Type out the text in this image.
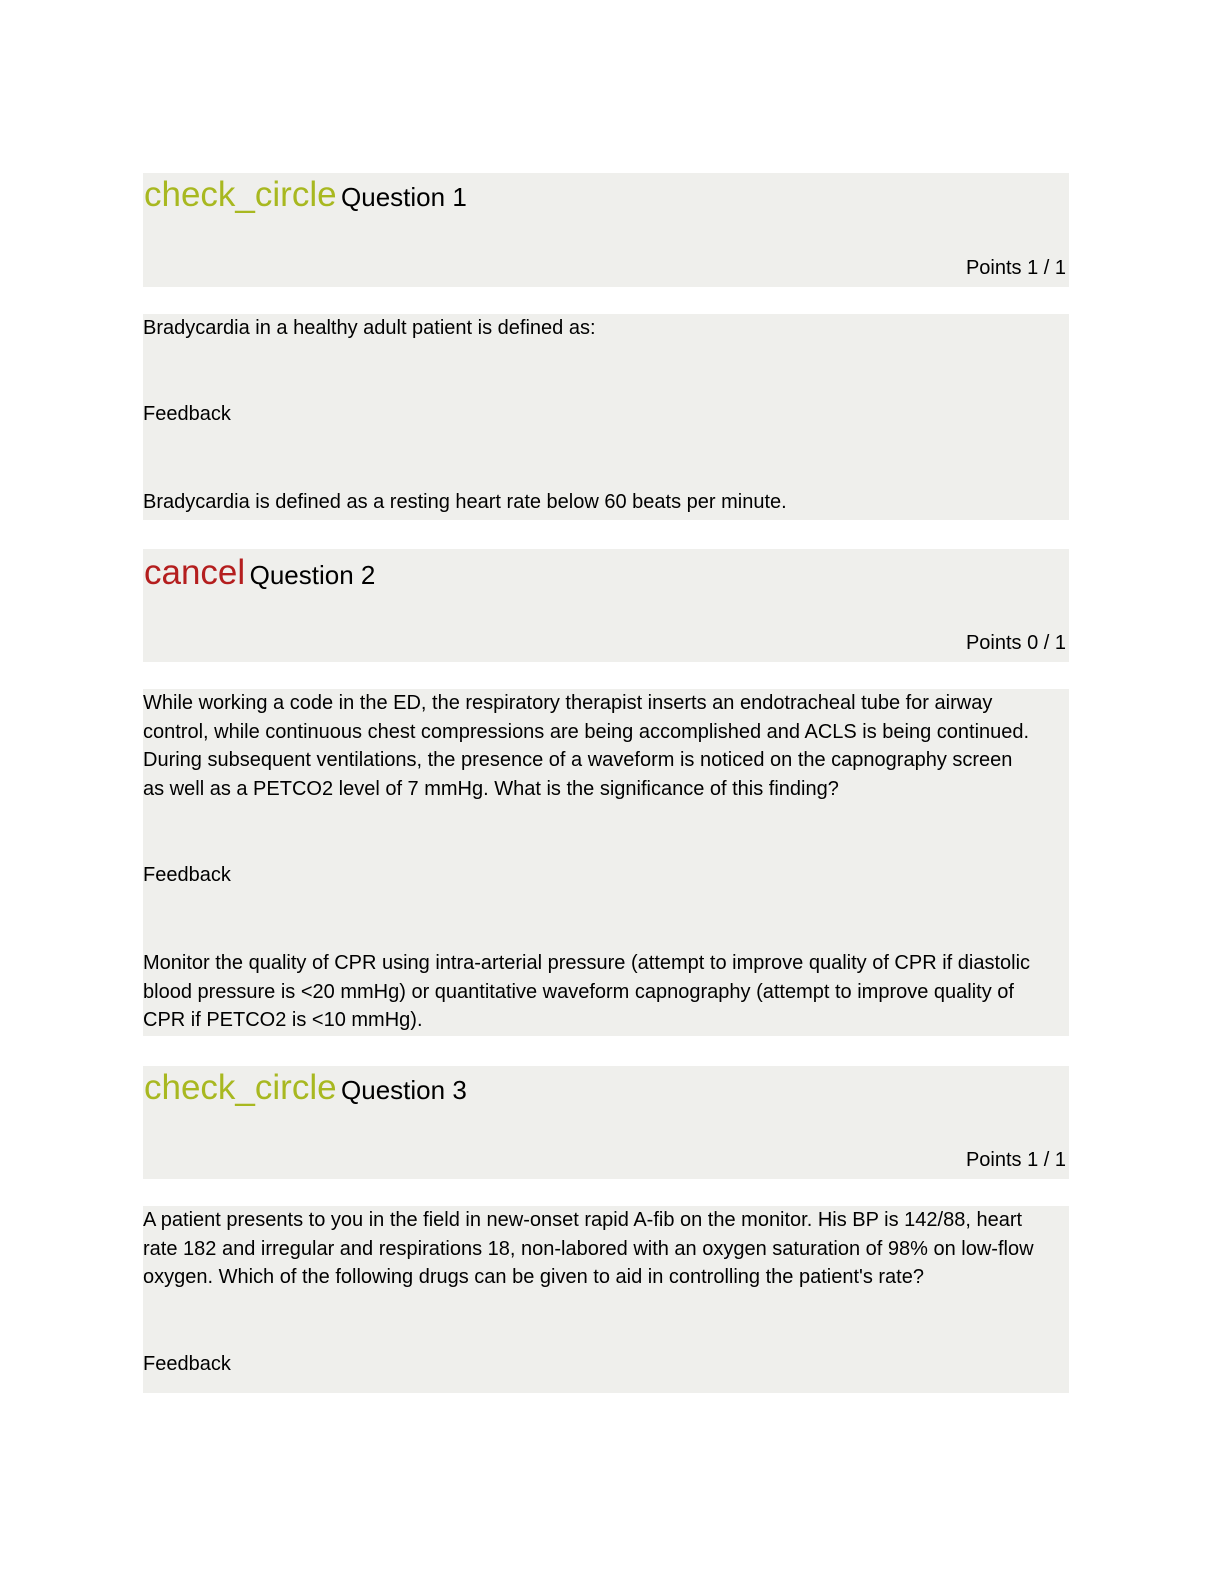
check_circle Question 1
Points 1 / 1
Bradycardia in a healthy adult patient is defined as:
Feedback
Bradycardia is defined as a resting heart rate below 60 beats per minute.
cancel Question 2
Points 0 / 1
While working a code in the ED, the respiratory therapist inserts an endotracheal tube for airway
control, while continuous chest compressions are being accomplished and ACLS is being continued.
During subsequent ventilations, the presence of a waveform is noticed on the capnography screen
as well as a PETCO2 level of 7 mmHg. What is the significance of this finding?
Feedback
Monitor the quality of CPR using intra-arterial pressure (attempt to improve quality of CPR if diastolic
blood pressure is <20 mmHg) or quantitative waveform capnography (attempt to improve quality of
CPR if PETCO2 is <10 mmHg).
check_circle Question 3
Points 1 / 1
A patient presents to you in the field in new-onset rapid A-fib on the monitor. His BP is 142/88, heart
rate 182 and irregular and respirations 18, non-labored with an oxygen saturation of 98% on low-flow
oxygen. Which of the following drugs can be given to aid in controlling the patient's rate?
Feedback
